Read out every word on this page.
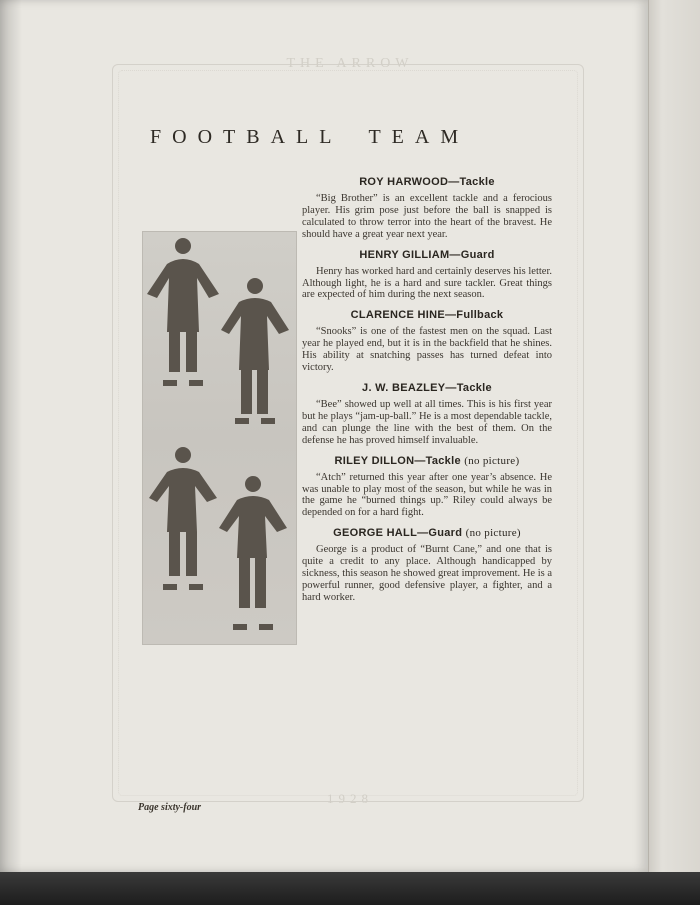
THE ARROW
FOOTBALL TEAM
ROY HARWOOD—Tackle

“Big Brother” is an excellent tackle and a ferocious player. His grim pose just before the ball is snapped is calculated to throw terror into the heart of the bravest. He should have a great year next year.

HENRY GILLIAM—Guard

Henry has worked hard and certainly deserves his letter. Although light, he is a hard and sure tackler. Great things are expected of him during the next season.

CLARENCE HINE—Fullback

“Snooks” is one of the fastest men on the squad. Last year he played end, but it is in the backfield that he shines. His ability at snatching passes has turned defeat into victory.

J. W. BEAZLEY—Tackle

“Bee” showed up well at all times. This is his first year but he plays “jam-up-ball.” He is a most dependable tackle, and can plunge the line with the best of them. On the defense he has proved himself invaluable.

RILEY DILLON—Tackle (no picture)

“Atch” returned this year after one year’s absence. He was unable to play most of the season, but while he was in the game he “burned things up.” Riley could always be depended on for a hard fight.

GEORGE HALL—Guard (no picture)

George is a product of “Burnt Cane,” and one that is quite a credit to any place. Although handicapped by sickness, this season he showed great improvement. He is a powerful runner, good defensive player, a fighter, and a hard worker.

1928
Page sixty-four
